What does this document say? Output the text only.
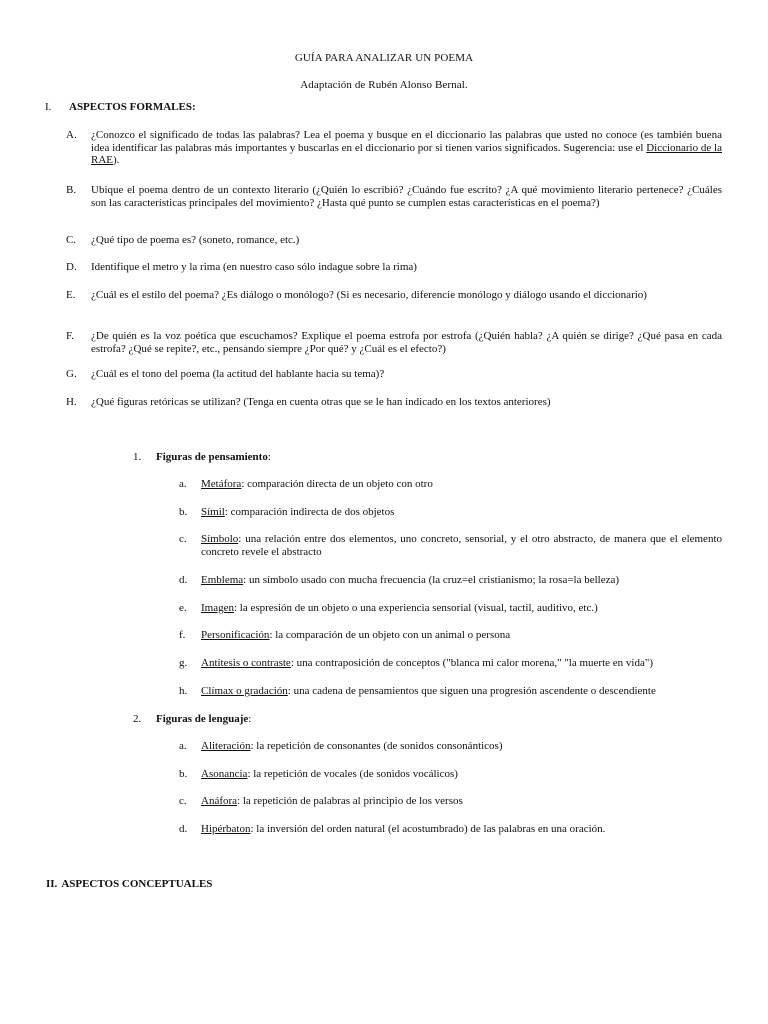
GUÍA PARA ANALIZAR UN POEMA
Adaptación de Rubén Alonso Bernal.
I. ASPECTOS FORMALES:
A. ¿Conozco el significado de todas las palabras? Lea el poema y busque en el diccionario las palabras que usted no conoce (es también buena idea identificar las palabras más importantes y buscarlas en el diccionario por si tienen varios significados. Sugerencia: use el Diccionario de la RAE).
B. Ubique el poema dentro de un contexto literario (¿Quién lo escribió? ¿Cuándo fue escrito? ¿A qué movimiento literario pertenece? ¿Cuáles son las características principales del movimiento? ¿Hasta qué punto se cumplen estas características en el poema?)
C. ¿Qué tipo de poema es? (soneto, romance, etc.)
D. Identifique el metro y la rima (en nuestro caso sólo indague sobre la rima)
E. ¿Cuál es el estilo del poema? ¿Es diálogo o monólogo? (Si es necesario, diferencie monólogo y diálogo usando el diccionario)
F. ¿De quién es la voz poética que escuchamos? Explique el poema estrofa por estrofa (¿Quién habla? ¿A quién se dirige? ¿Qué pasa en cada estrofa? ¿Qué se repite?, etc., pensando siempre ¿Por qué? y ¿Cuál es el efecto?)
G. ¿Cuál es el tono del poema (la actitud del hablante hacia su tema)?
H. ¿Qué figuras retóricas se utilizan? (Tenga en cuenta otras que se le han indicado en los textos anteriores)
1. Figuras de pensamiento:
a. Metáfora: comparación directa de un objeto con otro
b. Símil: comparación indirecta de dos objetos
c. Símbolo: una relación entre dos elementos, uno concreto, sensorial, y el otro abstracto, de manera que el elemento concreto revele el abstracto
d. Emblema: un símbolo usado con mucha frecuencia (la cruz=el cristianismo; la rosa=la belleza)
e. Imagen: la espresión de un objeto o una experiencia sensorial (visual, tactil, auditivo, etc.)
f. Personificación: la comparación de un objeto con un animal o persona
g. Antítesis o contraste: una contraposición de conceptos ("blanca mi calor morena," "la muerte en vida")
h. Clímax o gradación: una cadena de pensamientos que siguen una progresión ascendente o descendiente
2. Figuras de lenguaje:
a. Aliteración: la repetición de consonantes (de sonidos consonánticos)
b. Asonancia: la repetición de vocales (de sonidos vocálicos)
c. Anáfora: la repetición de palabras al principio de los versos
d. Hipérbaton: la inversión del orden natural (el acostumbrado) de las palabras en una oración.
II. ASPECTOS CONCEPTUALES
